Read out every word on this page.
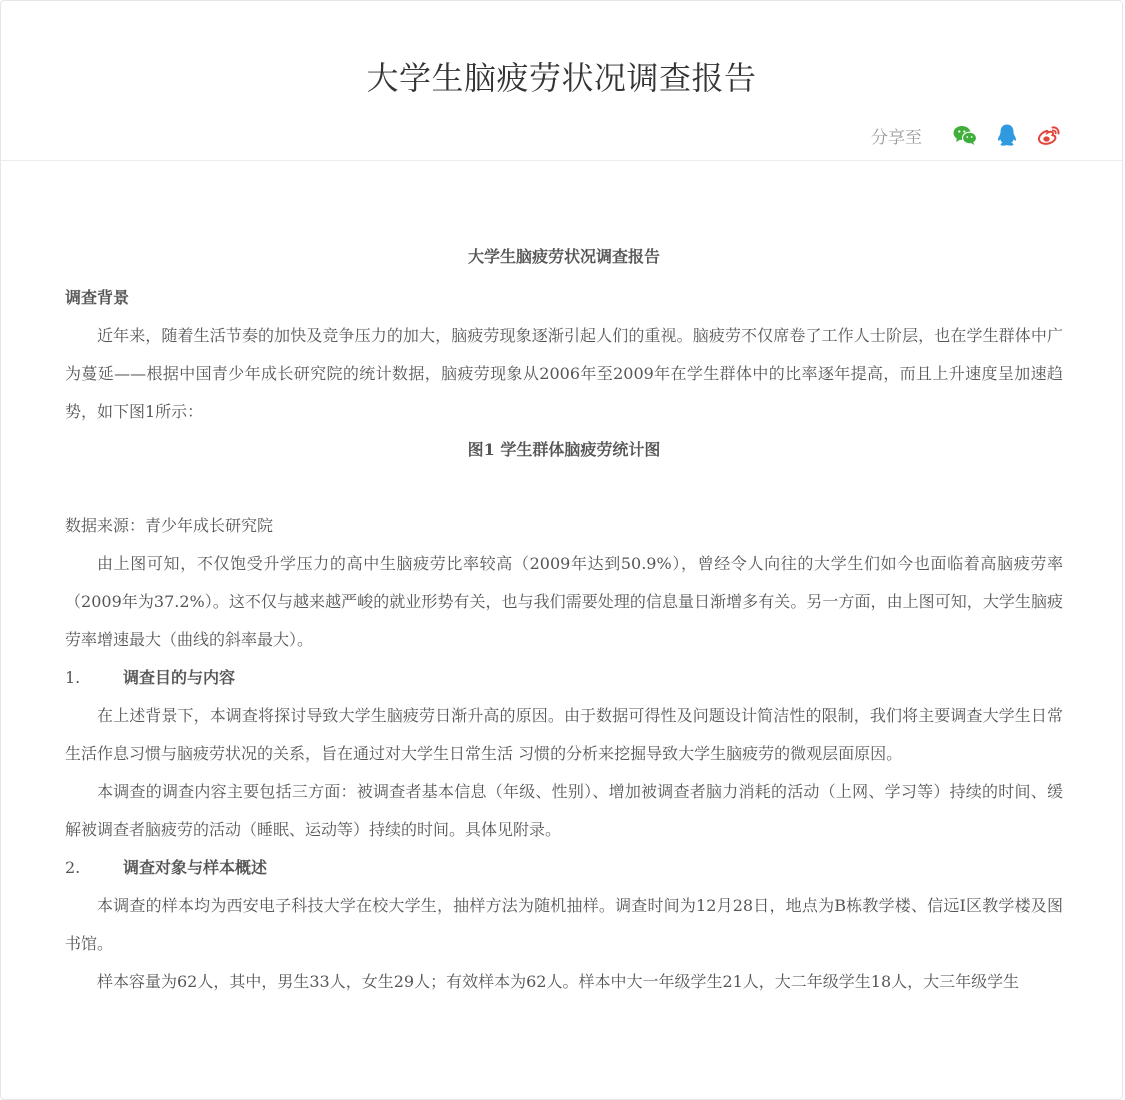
大学生脑疲劳状况调查报告
分享至

大学生脑疲劳状况调查报告

调查背景

近年来，随着生活节奏的加快及竞争压力的加大，脑疲劳现象逐渐引起人们的重视。脑疲劳不仅席卷了工作人士阶层，也在学生群体中广为蔓延——根据中国青少年成长研究院的统计数据，脑疲劳现象从2006年至2009年在学生群体中的比率逐年提高，而且上升速度呈加速趋势，如下图1所示：

图1 学生群体脑疲劳统计图

数据来源：青少年成长研究院

由上图可知，不仅饱受升学压力的高中生脑疲劳比率较高（2009年达到50.9%），曾经令人向往的大学生们如今也面临着高脑疲劳率（2009年为37.2%）。这不仅与越来越严峻的就业形势有关，也与我们需要处理的信息量日渐增多有关。另一方面，由上图可知，大学生脑疲劳率增速最大（曲线的斜率最大）。

1.	调查目的与内容

在上述背景下，本调查将探讨导致大学生脑疲劳日渐升高的原因。由于数据可得性及问题设计简洁性的限制，我们将主要调查大学生日常生活作息习惯与脑疲劳状况的关系，旨在通过对大学生日常生活 习惯的分析来挖掘导致大学生脑疲劳的微观层面原因。

本调查的调查内容主要包括三方面：被调查者基本信息（年级、性别）、增加被调查者脑力消耗的活动（上网、学习等）持续的时间、缓解被调查者脑疲劳的活动（睡眠、运动等）持续的时间。具体见附录。

2.	调查对象与样本概述

本调查的样本均为西安电子科技大学在校大学生，抽样方法为随机抽样。调查时间为12月28日，地点为B栋教学楼、信远I区教学楼及图书馆。

样本容量为62人，其中，男生33人，女生29人；有效样本为62人。样本中大一年级学生21人，大二年级学生18人，大三年级学生
